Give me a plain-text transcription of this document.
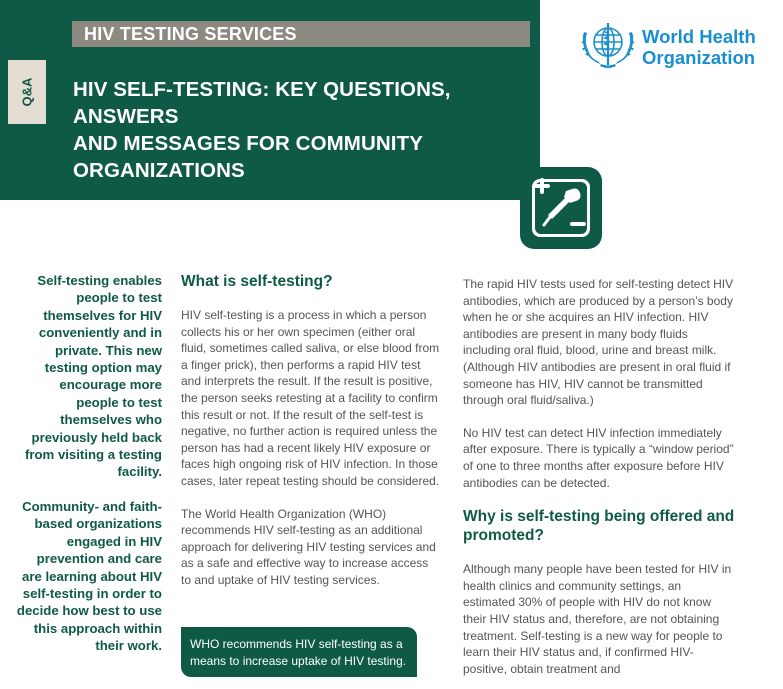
Q&A
HIV TESTING SERVICES
HIV SELF-TESTING: KEY QUESTIONS, ANSWERS
AND MESSAGES FOR COMMUNITY ORGANIZATIONS
World Health
Organization

Self-testing enables people to test themselves for HIV conveniently and in private. This new testing option may encourage more people to test themselves who previously held back from visiting a testing facility.

Community- and faith-based organizations engaged in HIV prevention and care are learning about HIV self-testing in order to decide how best to use this approach within their work.

What is self-testing?

HIV self-testing is a process in which a person collects his or her own specimen (either oral fluid, sometimes called saliva, or else blood from a finger prick), then performs a rapid HIV test and interprets the result. If the result is positive, the person seeks retesting at a facility to confirm this result or not. If the result of the self-test is negative, no further action is required unless the person has had a recent likely HIV exposure or faces high ongoing risk of HIV infection. In those cases, later repeat testing should be considered.

The World Health Organization (WHO) recommends HIV self-testing as an additional approach for delivering HIV testing services and as a safe and effective way to increase access to and uptake of HIV testing services.

WHO recommends HIV self-testing as a means to increase uptake of HIV testing.

The rapid HIV tests used for self-testing detect HIV antibodies, which are produced by a person’s body when he or she acquires an HIV infection. HIV antibodies are present in many body fluids including oral fluid, blood, urine and breast milk. (Although HIV antibodies are present in oral fluid if someone has HIV, HIV cannot be transmitted through oral fluid/saliva.)

No HIV test can detect HIV infection immediately after exposure. There is typically a “window period” of one to three months after exposure before HIV antibodies can be detected.

Why is self-testing being offered and promoted?

Although many people have been tested for HIV in health clinics and community settings, an estimated 30% of people with HIV do not know their HIV status and, therefore, are not obtaining treatment. Self-testing is a new way for people to learn their HIV status and, if confirmed HIV-positive, obtain treatment and
